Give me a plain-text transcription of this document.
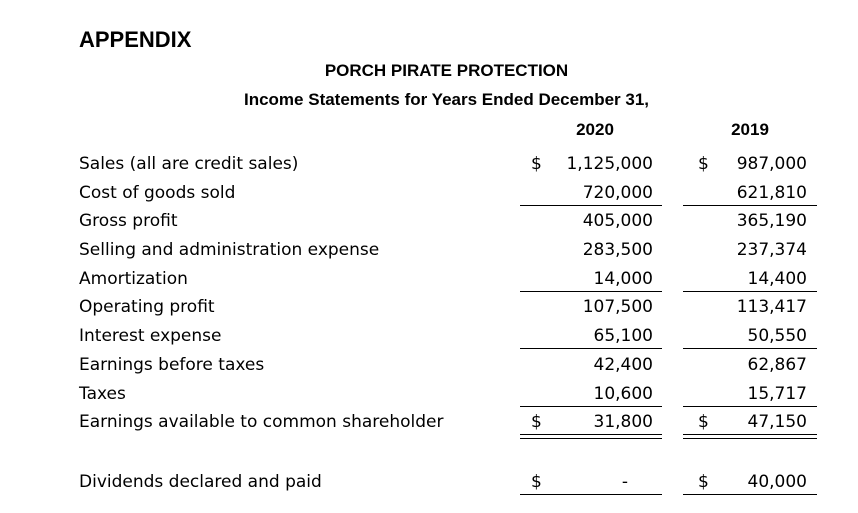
APPENDIX
PORCH PIRATE PROTECTION
Income Statements for Years Ended December 31,
2020	2019
Sales (all are credit sales)	$	1,125,000	$	987,000
Cost of goods sold	720,000	621,810
Gross profit	405,000	365,190
Selling and administration expense	283,500	237,374
Amortization	14,000	14,400
Operating profit	107,500	113,417
Interest expense	65,100	50,550
Earnings before taxes	42,400	62,867
Taxes	10,600	15,717
Earnings available to common shareholder	$	31,800	$	47,150
Dividends declared and paid	$	-	$	40,000
